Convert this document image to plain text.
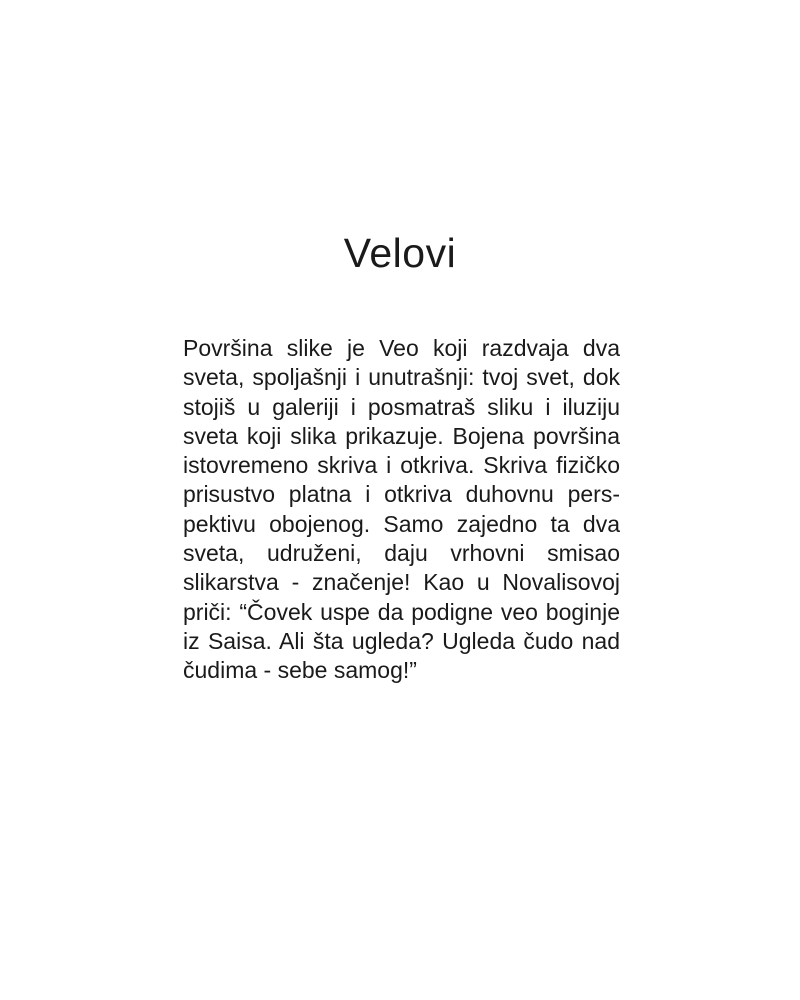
Velovi
Površina slike je Veo koji razdvaja dva
sveta, spoljašnji i unutrašnji: tvoj svet, dok
stojiš u galeriji i posmatraš sliku i iluziju
sveta koji slika prikazuje. Bojena površina
istovremeno skriva i otkriva. Skriva fizičko
prisustvo platna i otkriva duhovnu pers-
pektivu obojenog. Samo zajedno ta dva
sveta, udruženi, daju vrhovni smisao
slikarstva - značenje! Kao u Novalisovoj
priči: “Čovek uspe da podigne veo boginje
iz Saisa. Ali šta ugleda? Ugleda čudo nad
čudima - sebe samog!”
